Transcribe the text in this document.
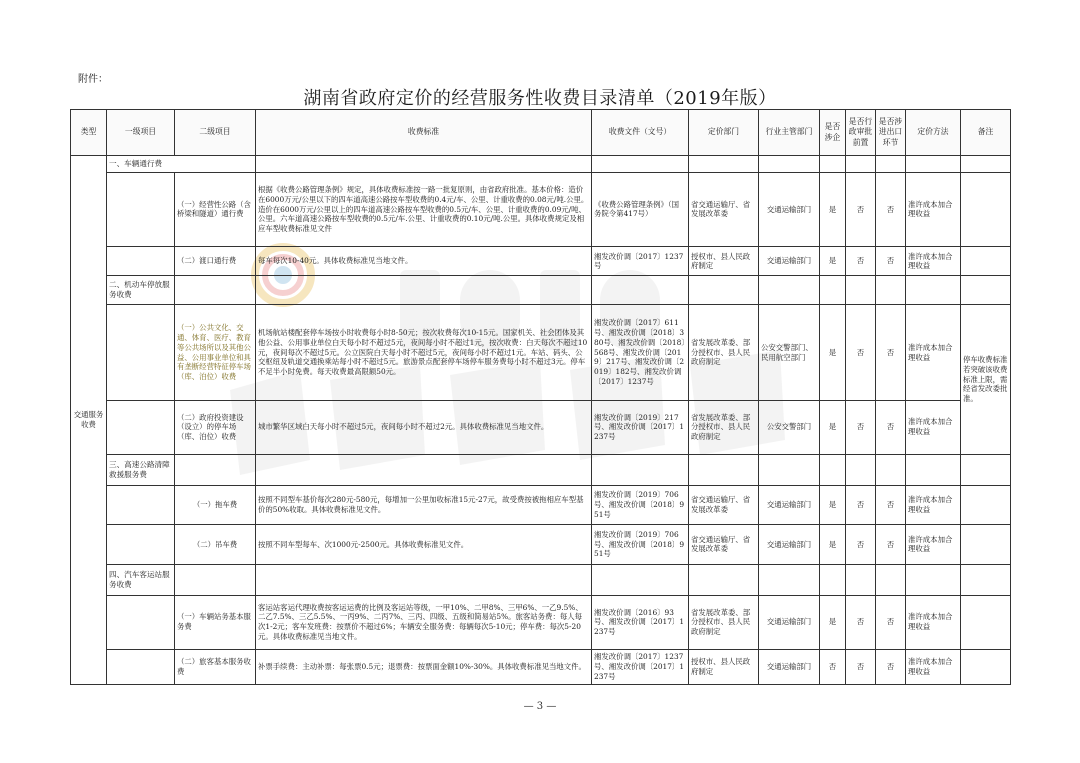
附件：
湖南省政府定价的经营服务性收费目录清单（2019年版）
类型	一级项目	二级项目	收费标准	收费文件（文号）	定价部门	行业主管部门	是否涉企	是否行政审批前置	是否涉进出口环节	定价方法	备注
交通服务收费	一、车辆通行费										
		（一）经营性公路（含桥梁和隧道）通行费	根据《收费公路管理条例》规定，具体收费标准按一路一批复原则，由省政府批准。基本价格：造价在6000万元/公里以下的四车道高速公路按车型收费的0.4元/车、公里、计重收费的0.08元/吨.公里。造价在6000万元/公里以上的四车道高速公路按车型收费的0.5元/车、公里、计重收费的0.09元/吨、公里。六车道高速公路按车型收费的0.5元/车.公里、计重收费的0.10元/吨.公里。具体收费规定及相应车型收费标准见文件	《收费公路管理条例》（国务院令第417号）	省交通运输厅、省发展改革委	交通运输部门	是	否	否	准许成本加合理收益	
		（二）渡口通行费	每车每次10-40元。具体收费标准见当地文件。	湘发改价调〔2017〕1237号	授权市、县人民政府制定	交通运输部门	是	否	否	准许成本加合理收益	
	二、机动车停放服务收费										
		（一）公共文化、交通、体育、医疗、教育等公共场所以及其他公益、公用事业单位和具有垄断经营特征停车场（库、泊位）收费	机场航站楼配套停车场按小时收费每小时8-50元；按次收费每次10-15元。国家机关、社会团体及其他公益、公用事业单位白天每小时不超过5元，夜间每小时不超过1元，按次收费：白天每次不超过10元，夜间每次不超过5元。公立医院白天每小时不超过5元，夜间每小时不超过1元。车站、码头、公交枢纽及轨道交通换乘站每小时不超过5元。旅游景点配套停车场停车服务费每小时不超过3元。停车不足半小时免费。每天收费最高限额50元。	湘发改价调〔2017〕611号、湘发改价调〔2018〕380号、湘发改价调〔2018〕568号、湘发改价调〔2019〕217号、湘发改价调〔2019〕182号、湘发改价调〔2017〕1237号	省发展改革委、部分授权市、县人民政府制定	公安交警部门、民用航空部门	是	否	否	准许成本加合理收益	停车收费标准若突破该收费标准上限，需经省发改委批准。
		（二）政府投资建设（设立）的停车场（库、泊位）收费	城市繁华区域白天每小时不超过5元，夜间每小时不超过2元。具体收费标准见当地文件。	湘发改价调〔2019〕217号、湘发改价调〔2017〕1237号	省发展改革委、部分授权市、县人民政府制定	公安交警部门	是	否	否	准许成本加合理收益	
	三、高速公路清障救援服务费										
		（一）拖车费	按照不同型车基价每次280元-580元，每增加一公里加收标准15元-27元，故受费按被拖相应车型基价的50%收取。具体收费标准见文件。	湘发改价调〔2019〕706号、湘发改价调〔2018〕951号	省交通运输厅、省发展改革委	交通运输部门	是	否	否	准许成本加合理收益	
		（二）吊车费	按照不同车型每车、次1000元-2500元。具体收费标准见文件。	湘发改价调〔2019〕706号、湘发改价调〔2018〕951号	省交通运输厅、省发展改革委	交通运输部门	是	否	否	准许成本加合理收益	
	四、汽车客运站服务收费										
		（一）车辆站务基本服务费	客运站客运代理收费按客运运费的比例及客运站等级，一甲10%、二甲8%、三甲6%、一乙9.5%、二乙7.5%、三乙5.5%、一丙9%、二丙7%、三丙、四级、五级和简易站5%。旅客站务费：每人每次1-2元；客车发班费：按票价不超过6%；车辆安全服务费：每辆每次5-10元；停车费：每次5-20元。具体收费标准见当地文件。	湘发改价调〔2016〕93号、湘发改价调〔2017〕1237号	省发展改革委、部分授权市、县人民政府制定	交通运输部门	是	否	否	准许成本加合理收益	
		（二）旅客基本服务收费	补票手续费：主动补票：每张票0.5元；退票费：按票面金额10%-30%。具体收费标准见当地文件。	湘发改价调〔2017〕1237号、湘发改价调〔2017〕1237号	授权市、县人民政府制定	交通运输部门	否	否	否	准许成本加合理收益	
— 3 —
